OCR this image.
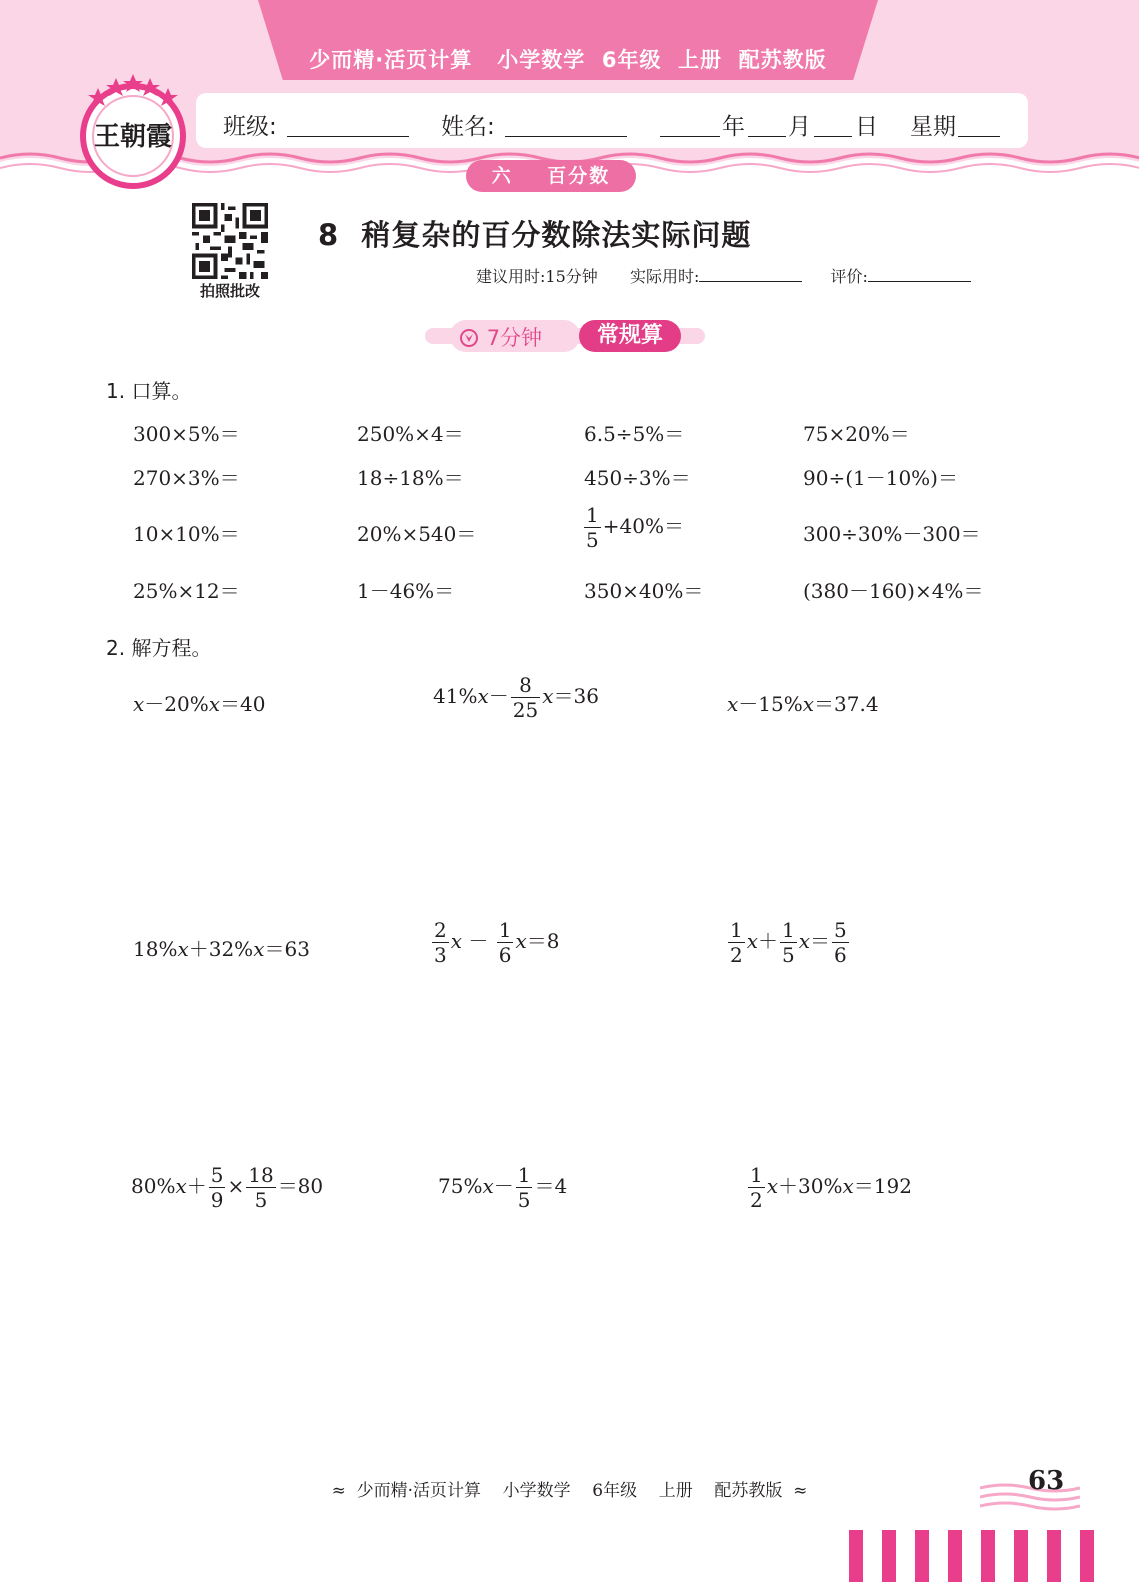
少而精·活页计算   小学数学  6年级  上册  配苏教版
王朝霞 班级:	姓名:	年 月 日 星期
六    百分数
拍照批改
8  稍复杂的百分数除法实际问题
建议用时:15分钟 实际用时:	评价:
7分钟	常规算
1. 口算。
300×5%＝	250%×4＝	6.5÷5%＝	75×20%＝
270×3%＝	18÷18%＝	450÷3%＝	90÷(1－10%)＝
10×10%＝	20%×540＝	$\frac{1}{5} +40\%=$	300÷30%－300＝
25%×12＝	1－46%＝	350×40%＝	(380－160)×4%＝
2. 解方程。
x－20%x＝40	$41\%x- \frac{8}{25} x=36$	x－15%x＝37.4
18%x＋32%x＝63	$\frac{2}{3}$ $x - \frac{1}{6} x=8$	$\frac{1}{2} x+ \frac{1}{5} x= \frac{5}{6}$
$80\%x+ \frac{5}{9} \times \frac{18}{5} =80$	$75\%x- \frac{1}{5} =4$	$\frac{1}{2} x+30\%x=192$
≈  少而精·活页计算    小学数学    6年级    上册    配苏教版  ≈	63
